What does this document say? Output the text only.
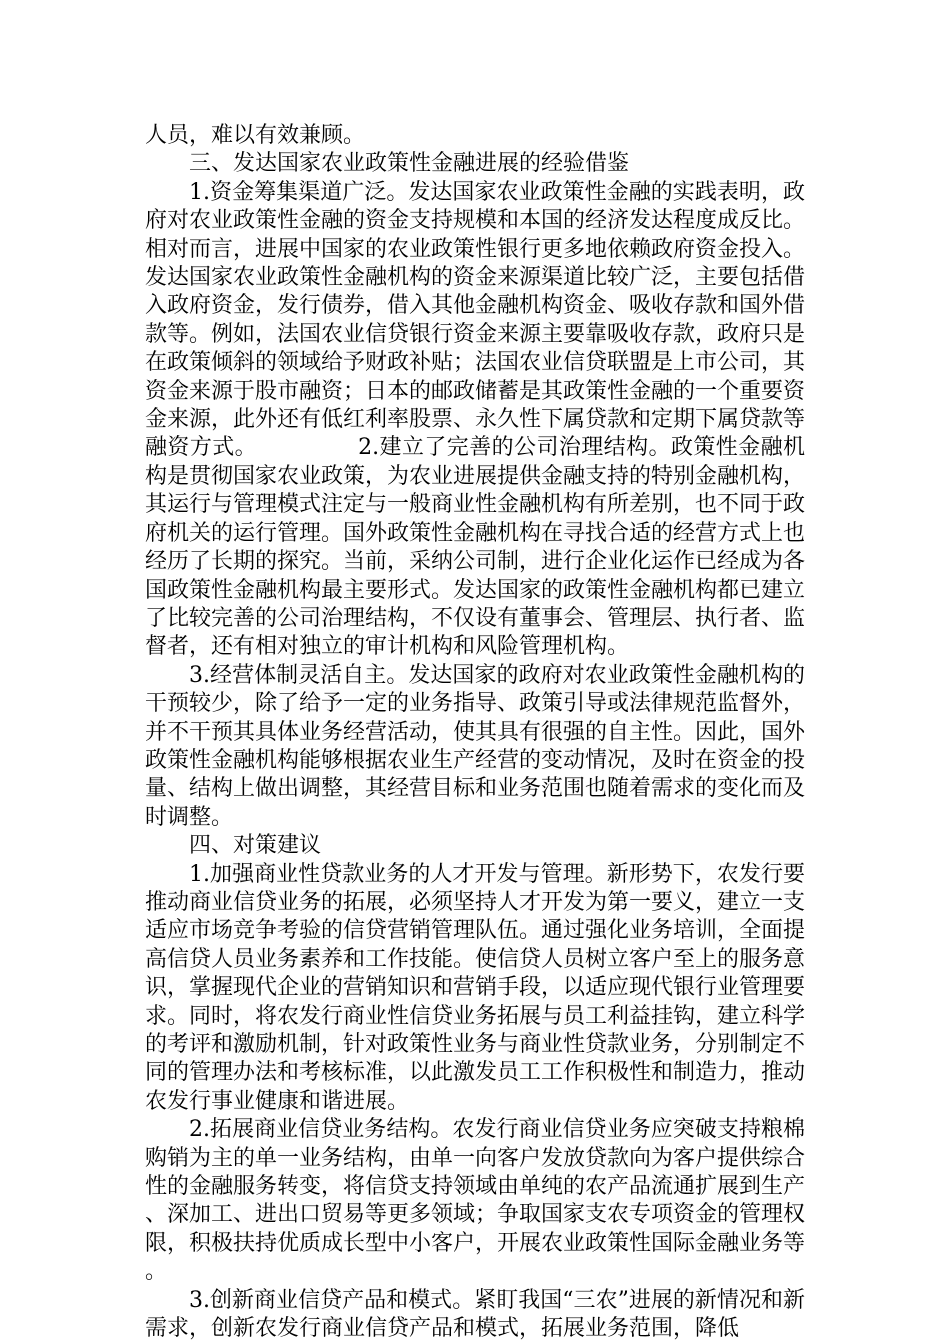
人员，难以有效兼顾。

三、发达国家农业政策性金融进展的经验借鉴

1.资金筹集渠道广泛。发达国家农业政策性金融的实践表明，政府对农业政策性金融的资金支持规模和本国的经济发达程度成反比。相对而言，进展中国家的农业政策性银行更多地依赖政府资金投入。发达国家农业政策性金融机构的资金来源渠道比较广泛，主要包括借入政府资金，发行债券，借入其他金融机构资金、吸收存款和国外借款等。例如，法国农业信贷银行资金来源主要靠吸收存款，政府只是在政策倾斜的领域给予财政补贴；法国农业信贷联盟是上市公司，其资金来源于股市融资；日本的邮政储蓄是其政策性金融的一个重要资金来源，此外还有低红利率股票、永久性下属贷款和定期下属贷款等融资方式。　　　　　2.建立了完善的公司治理结构。政策性金融机构是贯彻国家农业政策，为农业进展提供金融支持的特别金融机构，其运行与管理模式注定与一般商业性金融机构有所差别，也不同于政府机关的运行管理。国外政策性金融机构在寻找合适的经营方式上也经历了长期的探究。当前，采纳公司制，进行企业化运作已经成为各国政策性金融机构最主要形式。发达国家的政策性金融机构都已建立了比较完善的公司治理结构，不仅设有董事会、管理层、执行者、监督者，还有相对独立的审计机构和风险管理机构。

3.经营体制灵活自主。发达国家的政府对农业政策性金融机构的干预较少，除了给予一定的业务指导、政策引导或法律规范监督外，并不干预其具体业务经营活动，使其具有很强的自主性。因此，国外政策性金融机构能够根据农业生产经营的变动情况，及时在资金的投量、结构上做出调整，其经营目标和业务范围也随着需求的变化而及时调整。

四、对策建议

1.加强商业性贷款业务的人才开发与管理。新形势下，农发行要推动商业信贷业务的拓展，必须坚持人才开发为第一要义，建立一支适应市场竞争考验的信贷营销管理队伍。通过强化业务培训，全面提高信贷人员业务素养和工作技能。使信贷人员树立客户至上的服务意识，掌握现代企业的营销知识和营销手段，以适应现代银行业管理要求。同时，将农发行商业性信贷业务拓展与员工利益挂钩，建立科学的考评和激励机制，针对政策性业务与商业性贷款业务，分别制定不同的管理办法和考核标准，以此激发员工工作积极性和制造力，推动农发行事业健康和谐进展。

2.拓展商业信贷业务结构。农发行商业信贷业务应突破支持粮棉购销为主的单一业务结构，由单一向客户发放贷款向为客户提供综合性的金融服务转变，将信贷支持领域由单纯的农产品流通扩展到生产、深加工、进出口贸易等更多领域；争取国家支农专项资金的管理权限，积极扶持优质成长型中小客户，开展农业政策性国际金融业务等。

3.创新商业信贷产品和模式。紧盯我国“三农”进展的新情况和新需求，创新农发行商业信贷产品和模式，拓展业务范围，降低
